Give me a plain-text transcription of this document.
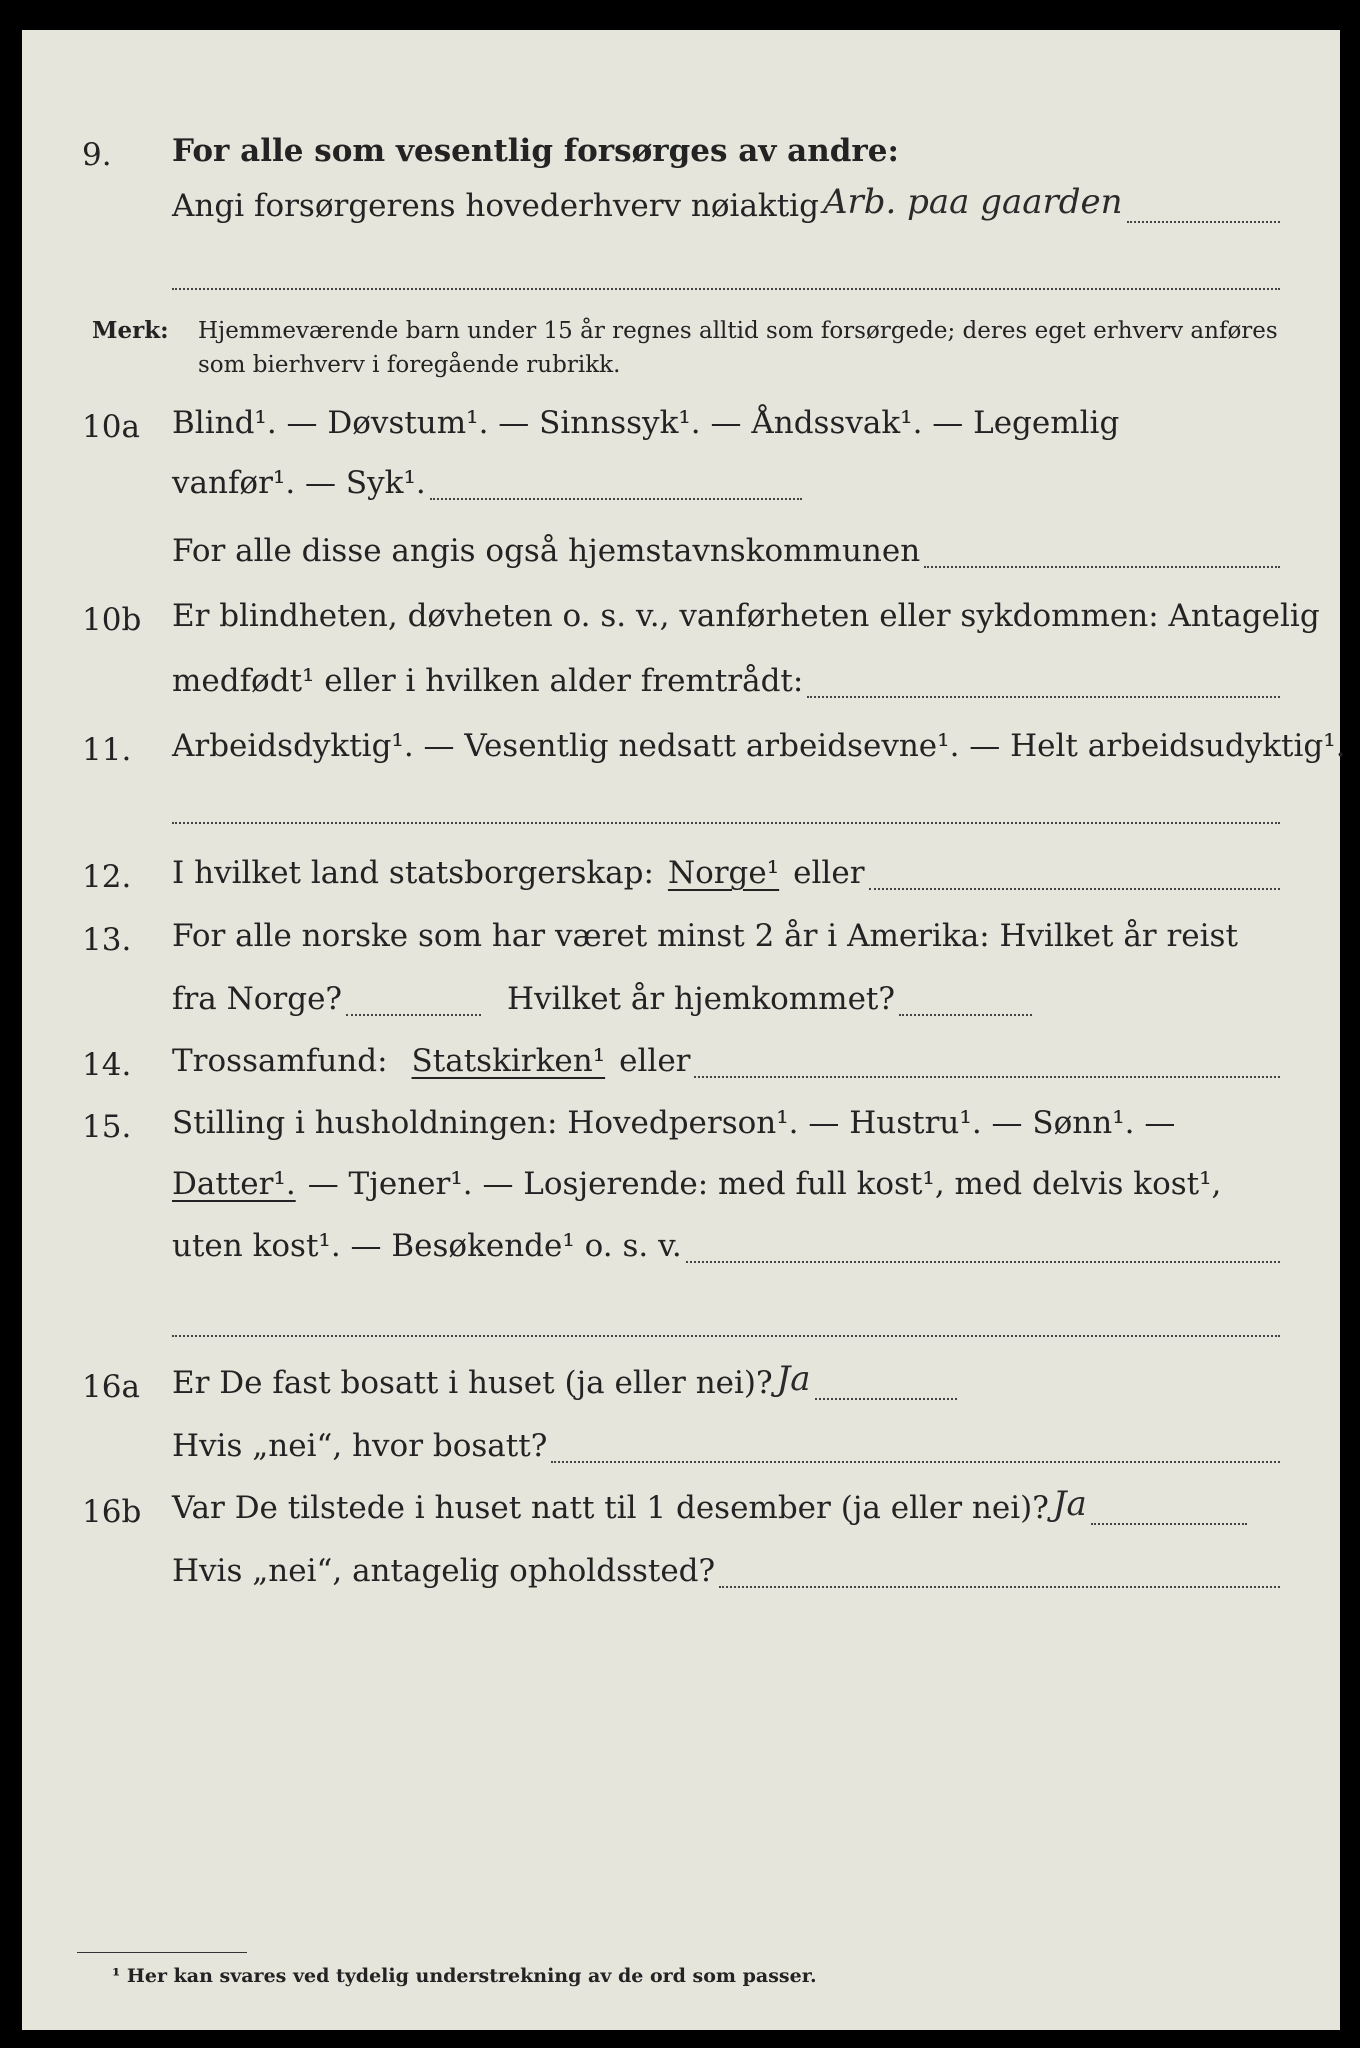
9.	For alle som vesentlig forsørges av andre:
Angi forsørgerens hovederhverv nøiaktig Arb. paa gaarden
Merk: Hjemmeværende barn under 15 år regnes alltid som forsørgede; deres eget erhverv anføres som bierhverv i foregående rubrikk.
10a	Blind¹. — Døvstum¹. — Sinnssyk¹. — Åndssvak¹. — Legemlig
vanfør¹. — Syk¹.
For alle disse angis også hjemstavnskommunen
10b Er blindheten, døvheten o. s. v., vanførheten eller sykdommen: Antagelig
medfødt¹ eller i hvilken alder fremtrådt:
11.	Arbeidsdyktig¹. — Vesentlig nedsatt arbeidsevne¹. — Helt arbeidsudyktig¹.
12.	I hvilket land statsborgerskap: Norge¹ eller
13.	For alle norske som har været minst 2 år i Amerika: Hvilket år reist
fra Norge?	Hvilket år hjemkommet?
14.	Trossamfund: Statskirken¹ eller
15.	Stilling i husholdningen: Hovedperson¹. — Hustru¹. — Sønn¹. —
Datter¹. — Tjener¹. — Losjerende: med full kost¹, med delvis kost¹,
uten kost¹. — Besøkende¹ o. s. v.
16a	Er De fast bosatt i huset (ja eller nei)? Ja
Hvis „nei“, hvor bosatt?
16b Var De tilstede i huset natt til 1 desember (ja eller nei)? Ja
Hvis „nei“, antagelig opholdssted?
¹ Her kan svares ved tydelig understrekning av de ord som passer.
